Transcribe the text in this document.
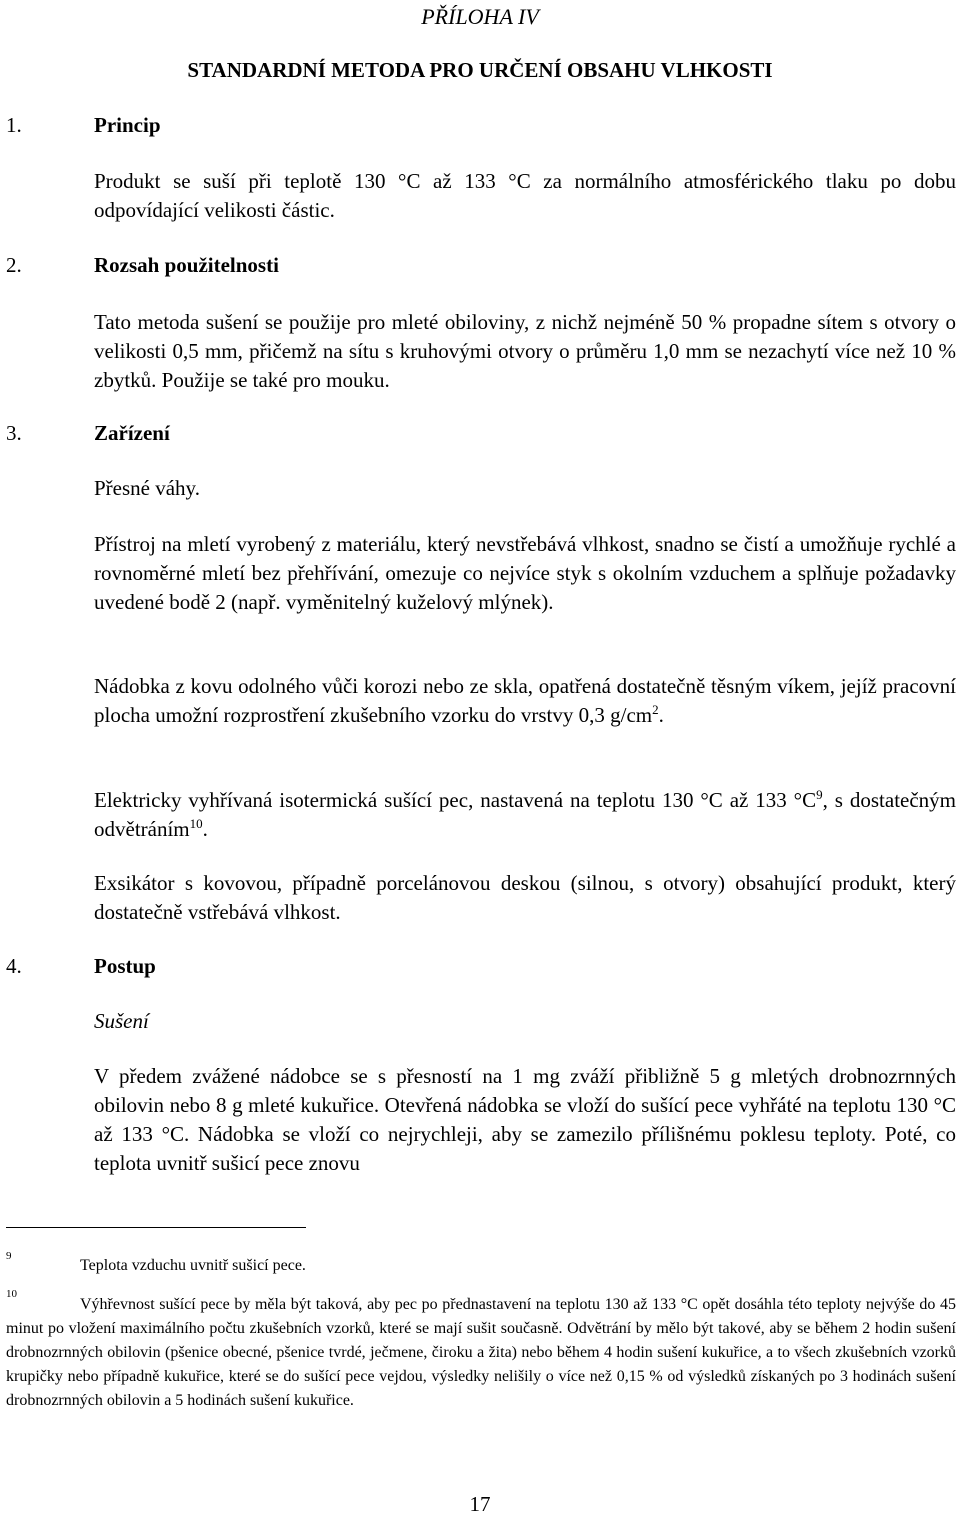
PŘÍLOHA IV
STANDARDNÍ METODA PRO URČENÍ OBSAHU VLHKOSTI
1.	Princip
Produkt se suší při teplotě 130 °C až 133 °C za normálního atmosférického tlaku po dobu odpovídající velikosti částic.
2.	Rozsah použitelnosti
Tato metoda sušení se použije pro mleté obiloviny, z nichž nejméně 50 % propadne sítem s otvory o velikosti 0,5 mm, přičemž na sítu s kruhovými otvory o průměru 1,0 mm se nezachytí více než 10 % zbytků. Použije se také pro mouku.
3.	Zařízení
Přesné váhy.
Přístroj na mletí vyrobený z materiálu, který nevstřebává vlhkost, snadno se čistí a umožňuje rychlé a rovnoměrné mletí bez přehřívání, omezuje co nejvíce styk s okolním vzduchem a splňuje požadavky uvedené bodě 2 (např. vyměnitelný kuželový mlýnek).
Nádobka z kovu odolného vůči korozi nebo ze skla, opatřená dostatečně těsným víkem, jejíž pracovní plocha umožní rozprostření zkušebního vzorku do vrstvy 0,3 $g/cm^2$.
Elektricky vyhřívaná isotermická sušící pec, nastavená na teplotu 130 °C až 133 $^\circ C^9$, s dostatečným odvětráním$^{10}$.
Exsikátor s kovovou, případně porcelánovou deskou (silnou, s otvory) obsahující produkt, který dostatečně vstřebává vlhkost.
4.	Postup
Sušení
V předem zvážené nádobce se s přesností na 1 mg zváží přibližně 5 g mletých drobnozrnných obilovin nebo 8 g mleté kukuřice. Otevřená nádobka se vloží do sušící pece vyhřáté na teplotu 130 °C až 133 °C. Nádobka se vloží co nejrychleji, aby se zamezilo přílišnému poklesu teploty. Poté, co teplota uvnitř sušicí pece znovu
9
Teplota vzduchu uvnitř sušicí pece.
10
Výhřevnost sušící pece by měla být taková, aby pec po přednastavení na teplotu 130 až 133 °C opět dosáhla této teploty nejvýše do 45 minut po vložení maximálního počtu zkušebních vzorků, které se mají sušit současně. Odvětrání by mělo být takové, aby se během 2 hodin sušení drobnozrnných obilovin (pšenice obecné, pšenice tvrdé, ječmene, čiroku a žita) nebo během 4 hodin sušení kukuřice, a to všech zkušebních vzorků krupičky nebo případně kukuřice, které se do sušící pece vejdou, výsledky nelišily o více než 0,15 % od výsledků získaných po 3 hodinách sušení drobnozrnných obilovin a 5 hodinách sušení kukuřice.
17
